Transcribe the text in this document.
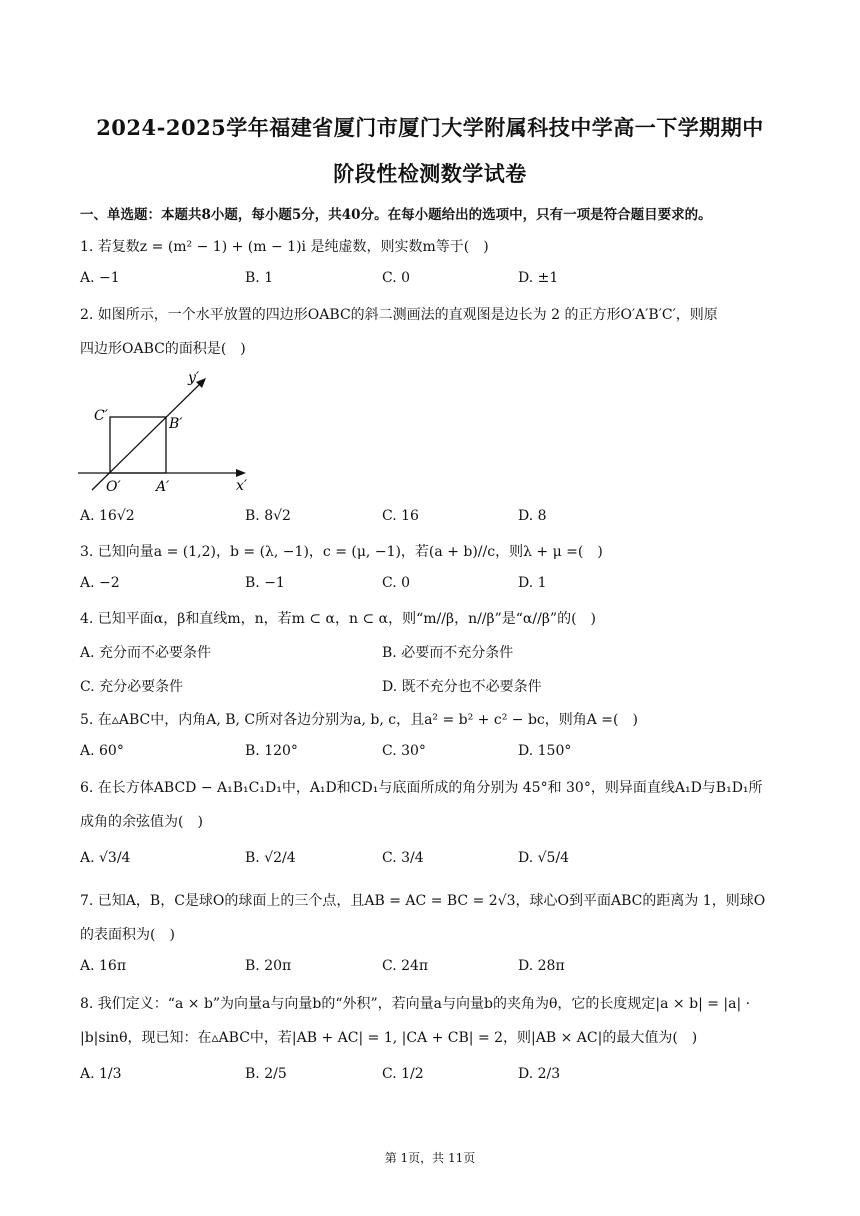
2024-2025学年福建省厦门市厦门大学附属科技中学高一下学期期中
阶段性检测数学试卷
一、单选题：本题共8小题，每小题5分，共40分。在每小题给出的选项中，只有一项是符合题目要求的。
1. 若复数z = (m² − 1) + (m − 1)i 是纯虚数，则实数m等于(　)
A. −1	B. 1	C. 0	D. ±1
2. 如图所示，一个水平放置的四边形OABC的斜二测画法的直观图是边长为 2 的正方形O′A′B′C′，则原
四边形OABC的面积是(　)
y′
x′
C′	B′
O′	A′
A. 16√2	B. 8√2	C. 16	D. 8
3. 已知向量a = (1,2)，b = (λ, −1)，c = (μ, −1)，若(a + b)//c，则λ + μ =(　)
A. −2	B. −1	C. 0	D. 1
4. 已知平面α，β和直线m，n，若m ⊂ α，n ⊂ α，则“m//β，n//β”是“α//β”的(　)
A. 充分而不必要条件	B. 必要而不充分条件
C. 充分必要条件	D. 既不充分也不必要条件
5. 在▵ABC中，内角A, B, C所对各边分别为a, b, c，且a² = b² + c² − bc，则角A =(　)
A. 60°	B. 120°	C. 30°	D. 150°
6. 在长方体ABCD − A₁B₁C₁D₁中，A₁D和CD₁与底面所成的角分别为 45°和 30°，则异面直线A₁D与B₁D₁所
成角的余弦值为(　)
A. √3/4	B. √2/4	C. 3/4	D. √5/4
7. 已知A，B，C是球O的球面上的三个点，且AB = AC = BC = 2√3，球心O到平面ABC的距离为 1，则球O
的表面积为(　)
A. 16π	B. 20π	C. 24π	D. 28π
8. 我们定义：“a × b”为向量a与向量b的“外积”，若向量a与向量b的夹角为θ，它的长度规定|a × b| = |a| ·
|b|sinθ，现已知：在▵ABC中，若|AB + AC| = 1, |CA + CB| = 2，则|AB × AC|的最大值为(　)
A. 1/3	B. 2/5	C. 1/2	D. 2/3
第 1页，共 11页
